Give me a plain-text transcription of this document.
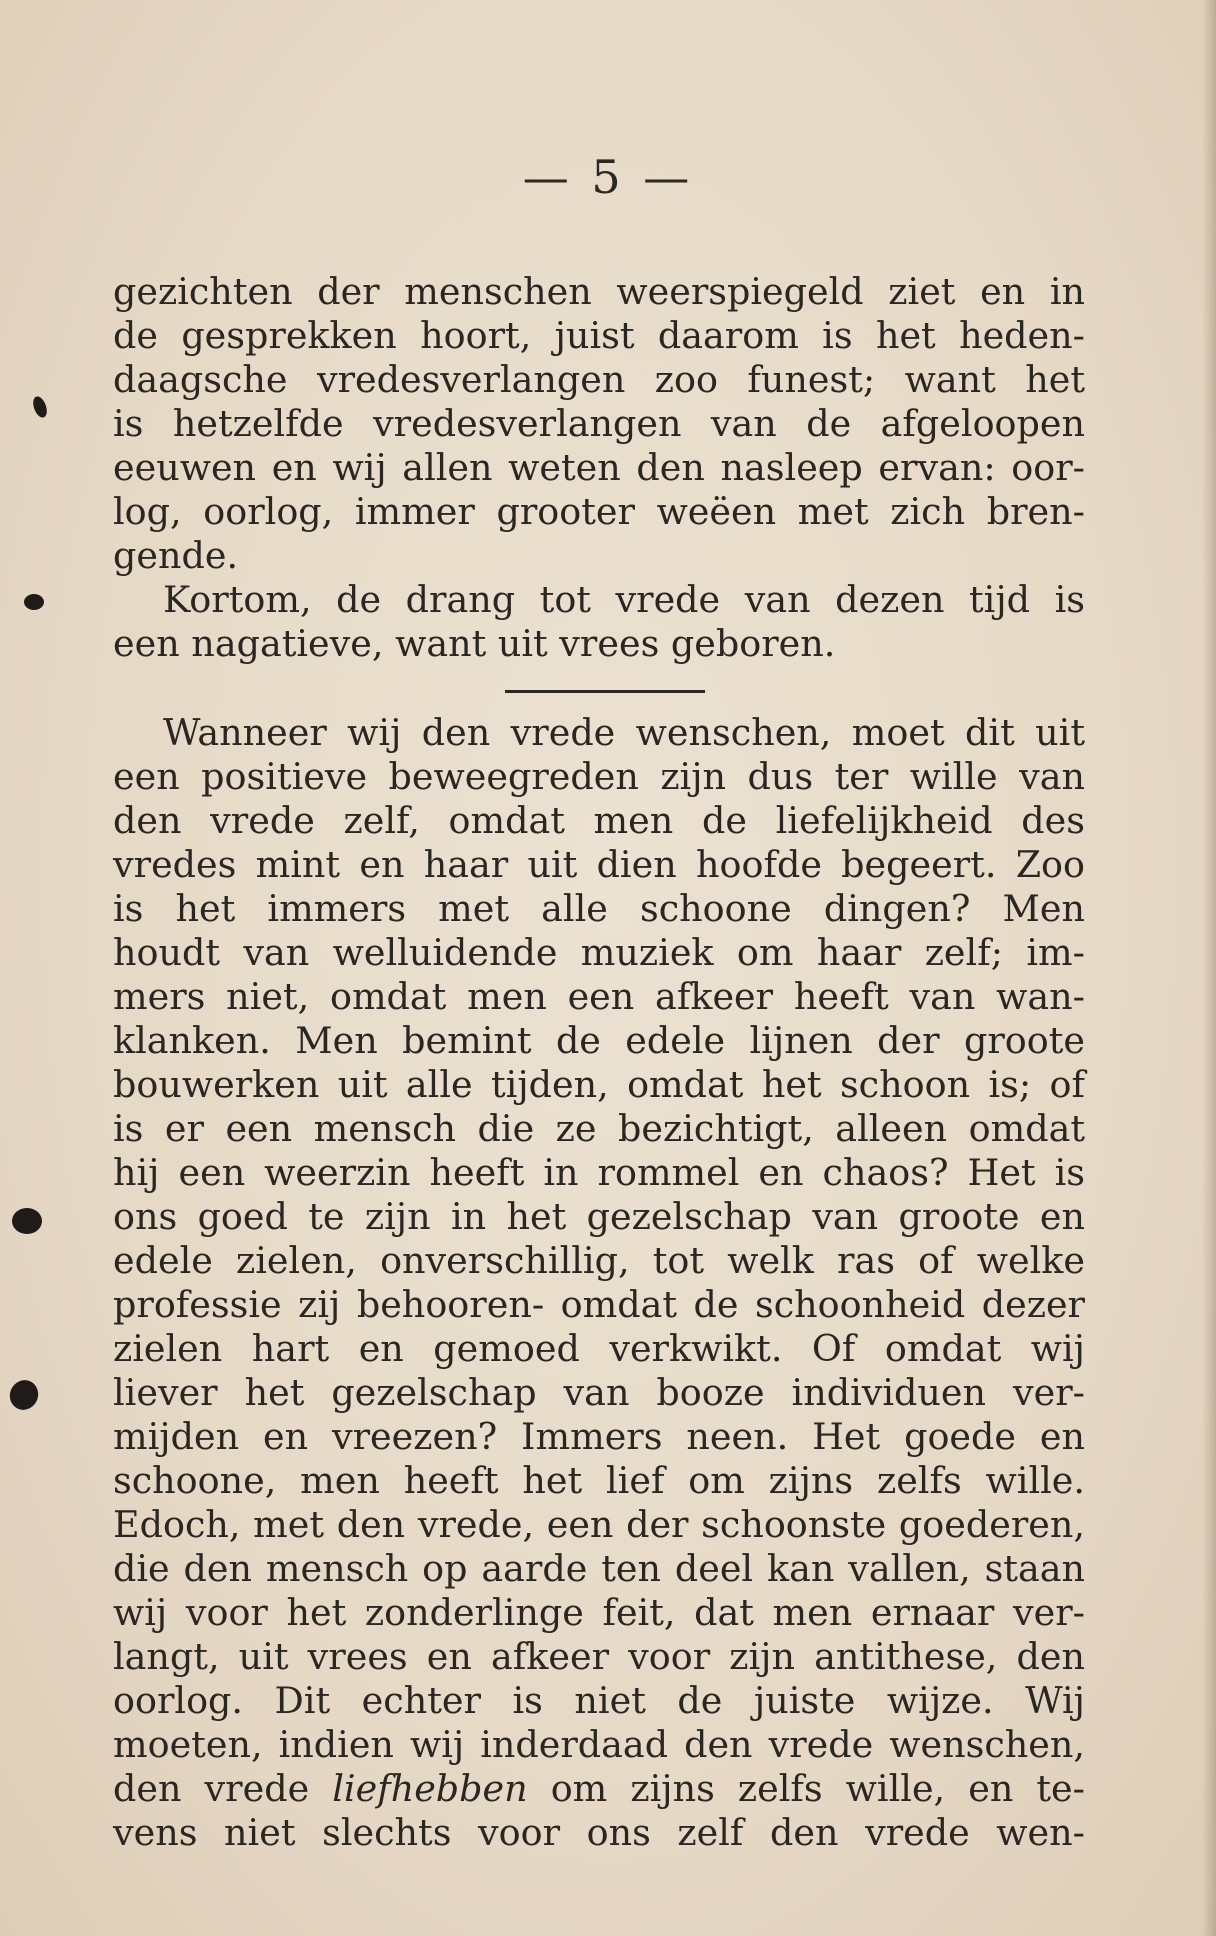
— 5 —
gezichten der menschen weerspiegeld ziet en in
de gesprekken hoort, juist daarom is het heden-
daagsche vredesverlangen zoo funest; want het
is hetzelfde vredesverlangen van de afgeloopen
eeuwen en wij allen weten den nasleep ervan: oor-
log, oorlog, immer grooter weëen met zich bren-
gende.
Kortom, de drang tot vrede van dezen tijd is
een nagatieve, want uit vrees geboren.
Wanneer wij den vrede wenschen, moet dit uit
een positieve beweegreden zijn dus ter wille van
den vrede zelf, omdat men de liefelijkheid des
vredes mint en haar uit dien hoofde begeert. Zoo
is het immers met alle schoone dingen? Men
houdt van welluidende muziek om haar zelf; im-
mers niet, omdat men een afkeer heeft van wan-
klanken. Men bemint de edele lijnen der groote
bouwerken uit alle tijden, omdat het schoon is; of
is er een mensch die ze bezichtigt, alleen omdat
hij een weerzin heeft in rommel en chaos? Het is
ons goed te zijn in het gezelschap van groote en
edele zielen, onverschillig, tot welk ras of welke
professie zij behooren- omdat de schoonheid dezer
zielen hart en gemoed verkwikt. Of omdat wij
liever het gezelschap van booze individuen ver-
mijden en vreezen? Immers neen. Het goede en
schoone, men heeft het lief om zijns zelfs wille.
Edoch, met den vrede, een der schoonste goederen,
die den mensch op aarde ten deel kan vallen, staan
wij voor het zonderlinge feit, dat men ernaar ver-
langt, uit vrees en afkeer voor zijn antithese, den
oorlog. Dit echter is niet de juiste wijze. Wij
moeten, indien wij inderdaad den vrede wenschen,
den vrede liefhebben om zijns zelfs wille, en te-
vens niet slechts voor ons zelf den vrede wen-
